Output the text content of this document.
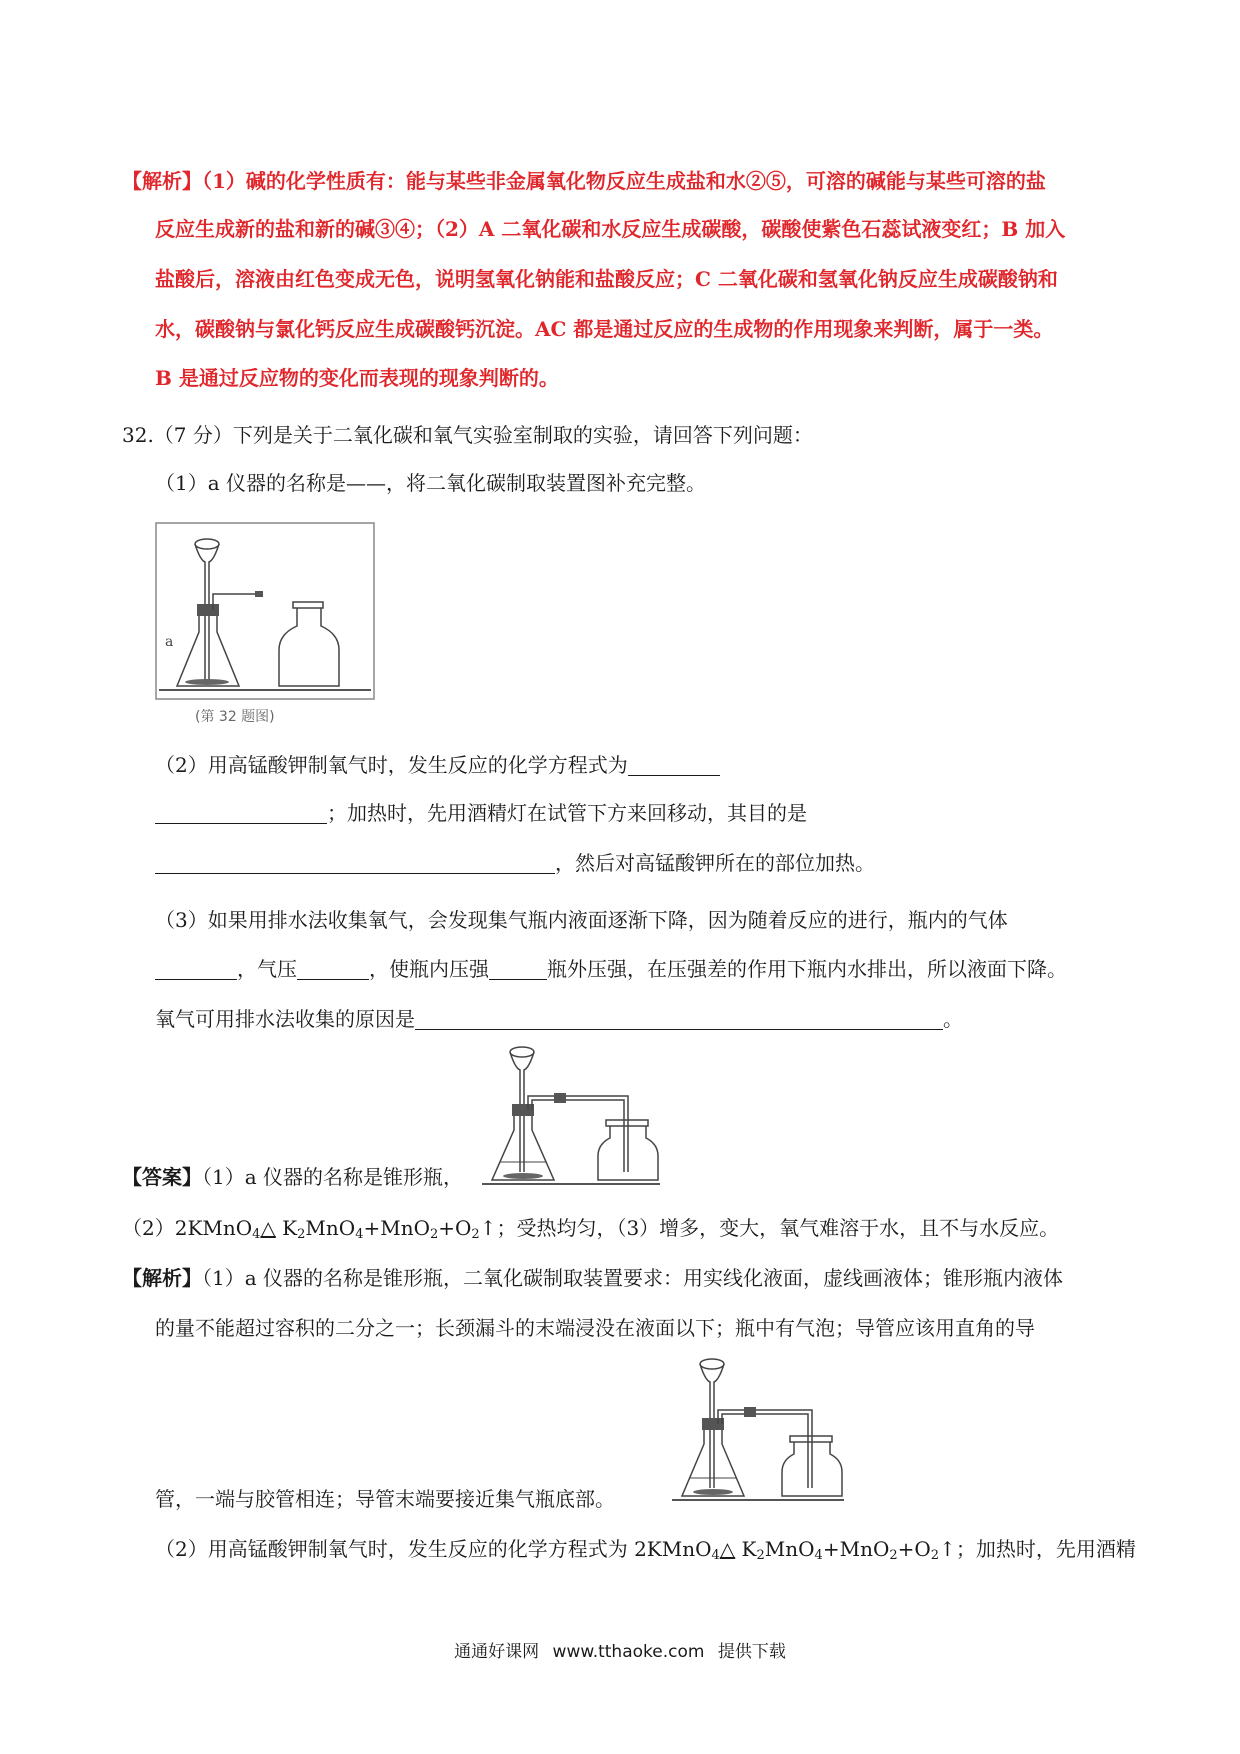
【解析】（1）碱的化学性质有：能与某些非金属氧化物反应生成盐和水②⑤，可溶的碱能与某些可溶的盐
反应生成新的盐和新的碱③④；（2）A 二氧化碳和水反应生成碳酸，碳酸使紫色石蕊试液变红；B 加入
盐酸后，溶液由红色变成无色，说明氢氧化钠能和盐酸反应；C 二氧化碳和氢氧化钠反应生成碳酸钠和
水，碳酸钠与氯化钙反应生成碳酸钙沉淀。AC 都是通过反应的生成物的作用现象来判断，属于一类。
B 是通过反应物的变化而表现的现象判断的。
32.（7 分）下列是关于二氧化碳和氧气实验室制取的实验，请回答下列问题：
（1）a 仪器的名称是——，将二氧化碳制取装置图补充完整。
a
(第 32 题图)
（2）用高锰酸钾制氧气时，发生反应的化学方程式为
；加热时，先用酒精灯在试管下方来回移动，其目的是
，然后对高锰酸钾所在的部位加热。
（3）如果用排水法收集氧气，会发现集气瓶内液面逐渐下降，因为随着反应的进行，瓶内的气体
，气压	，使瓶内压强	瓶外压强，在压强差的作用下瓶内水排出，所以液面下降。
氧气可用排水法收集的原因是	。
【答案】（1）a 仪器的名称是锥形瓶，
（2）2KMnO$_4$△ $K_2MnO_4+MnO_2+O_2↑$；受热均匀，（3）增多，变大，氧气难溶于水，且不与水反应。
【解析】（1）a 仪器的名称是锥形瓶，二氧化碳制取装置要求：用实线化液面，虚线画液体；锥形瓶内液体
的量不能超过容积的二分之一；长颈漏斗的末端浸没在液面以下；瓶中有气泡；导管应该用直角的导
管，一端与胶管相连；导管末端要接近集气瓶底部。
（2）用高锰酸钾制氧气时，发生反应的化学方程式为 2KMnO$_4$△ $K_2MnO_4+MnO_2+O_2↑$；加热时，先用酒精
通通好课网 www.tthaoke.com 提供下载
